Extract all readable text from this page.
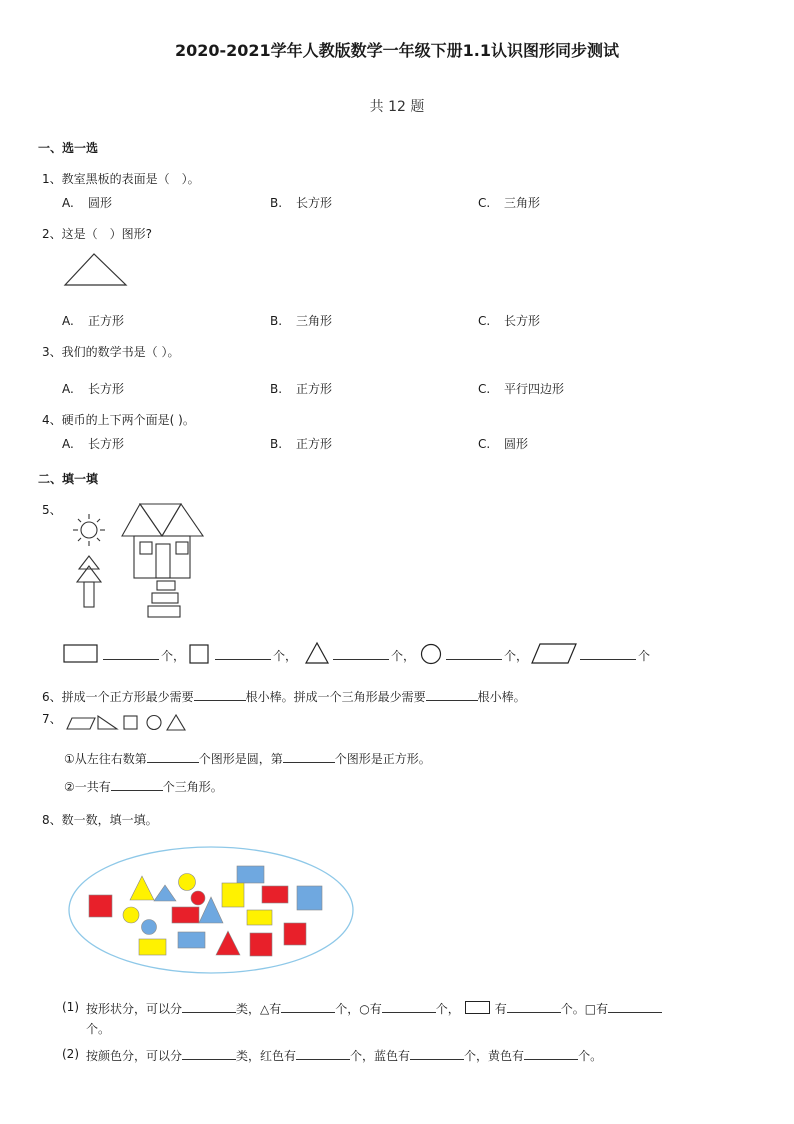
2020-2021学年人教版数学一年级下册1.1认识图形同步测试
共 12 题
一、选一选
1、教室黑板的表面是（　）。
A. 圆形	B. 长方形	C. 三角形
2、这是（　）图形?
A. 正方形	B. 三角形	C. 长方形
3、我们的数学书是（ ）。
A. 长方形	B. 正方形	C. 平行四边形
4、硬币的上下两个面是( )。
A. 长方形	B. 正方形	C. 圆形
二、填一填
5、
个，	个，	个，	个，	个
6、拼成一个正方形最少需要	根小棒。拼成一个三角形最少需要	根小棒。
7、
①从左往右数第	个图形是圆，第	个图形是正方形。
②一共有	个三角形。
8、数一数，填一填。
(1) 按形状分，可以分	类，△有	个，○有	个，	有	个。□有
个。
(2) 按颜色分，可以分	类，红色有	个，蓝色有	个，黄色有	个。
